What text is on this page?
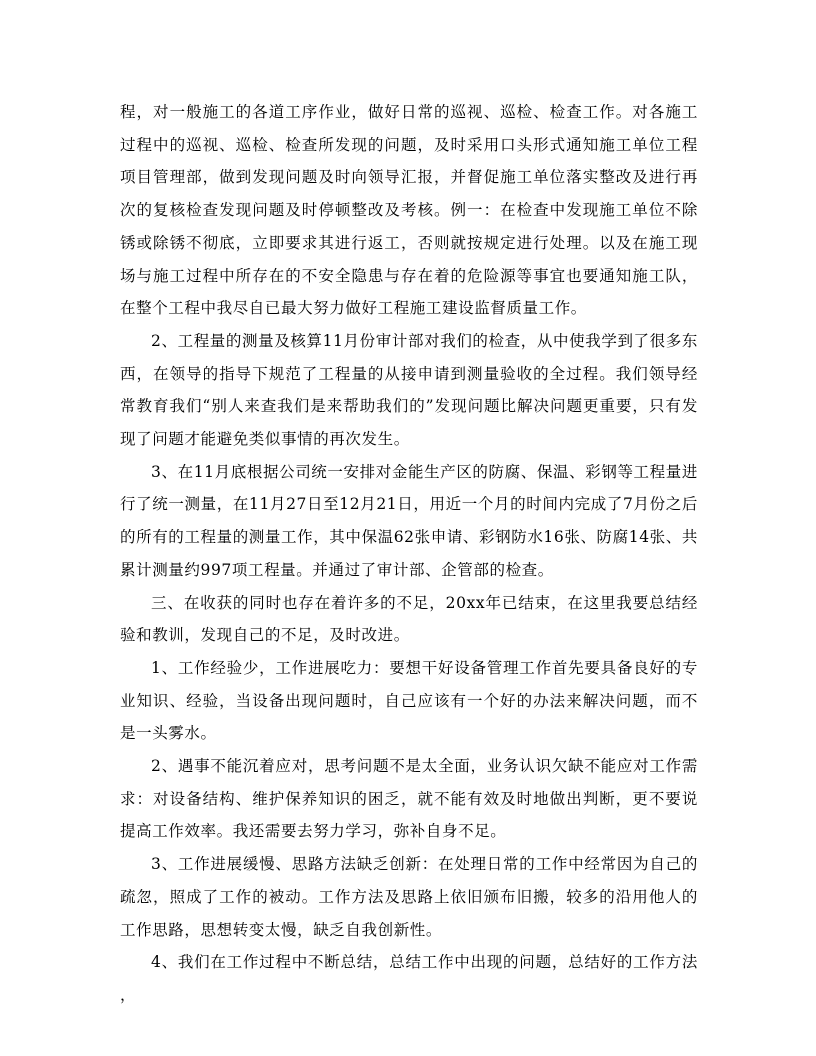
程，对一般施工的各道工序作业，做好日常的巡视、巡检、检查工作。对各施工过程中的巡视、巡检、检查所发现的问题，及时采用口头形式通知施工单位工程项目管理部，做到发现问题及时向领导汇报，并督促施工单位落实整改及进行再次的复核检查发现问题及时停顿整改及考核。例一：在检查中发现施工单位不除锈或除锈不彻底，立即要求其进行返工，否则就按规定进行处理。以及在施工现场与施工过程中所存在的不安全隐患与存在着的危险源等事宜也要通知施工队，在整个工程中我尽自已最大努力做好工程施工建设监督质量工作。

2、工程量的测量及核算11月份审计部对我们的检查，从中使我学到了很多东西，在领导的指导下规范了工程量的从接申请到测量验收的全过程。我们领导经常教育我们“别人来查我们是来帮助我们的”发现问题比解决问题更重要，只有发现了问题才能避免类似事情的再次发生。

3、在11月底根据公司统一安排对金能生产区的防腐、保温、彩钢等工程量进行了统一测量，在11月27日至12月21日，用近一个月的时间内完成了7月份之后的所有的工程量的测量工作，其中保温62张申请、彩钢防水16张、防腐14张、共累计测量约997项工程量。并通过了审计部、企管部的检查。

三、在收获的同时也存在着许多的不足，20xx年已结束，在这里我要总结经验和教训，发现自己的不足，及时改进。

1、工作经验少，工作进展吃力：要想干好设备管理工作首先要具备良好的专业知识、经验，当设备出现问题时，自己应该有一个好的办法来解决问题，而不是一头雾水。

2、遇事不能沉着应对，思考问题不是太全面，业务认识欠缺不能应对工作需求：对设备结构、维护保养知识的困乏，就不能有效及时地做出判断，更不要说提高工作效率。我还需要去努力学习，弥补自身不足。

3、工作进展缓慢、思路方法缺乏创新：在处理日常的工作中经常因为自己的疏忽，照成了工作的被动。工作方法及思路上依旧颁布旧搬，较多的沿用他人的工作思路，思想转变太慢，缺乏自我创新性。

4、我们在工作过程中不断总结，总结工作中出现的问题，总结好的工作方法，
